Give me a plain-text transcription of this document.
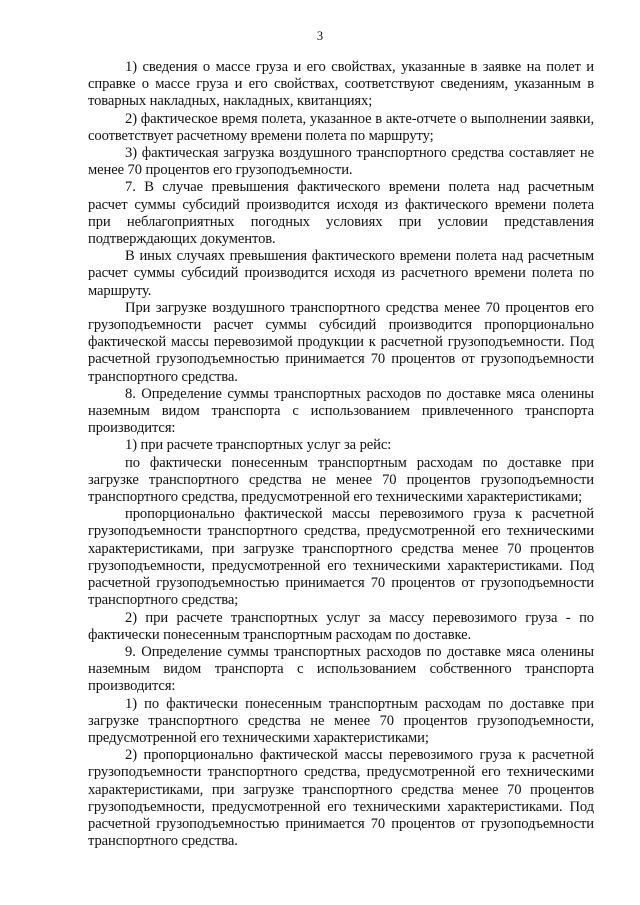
3

1) сведения о массе груза и его свойствах, указанные в заявке на полет и справке о массе груза и его свойствах, соответствуют сведениям, указанным в товарных накладных, накладных, квитанциях;

2) фактическое время полета, указанное в акте-отчете о выполнении заявки, соответствует расчетному времени полета по маршруту;

3) фактическая загрузка воздушного транспортного средства составляет не менее 70 процентов его грузоподъемности.

7. В случае превышения фактического времени полета над расчетным расчет суммы субсидий производится исходя из фактического времени полета при неблагоприятных погодных условиях при условии представления подтверждающих документов.

В иных случаях превышения фактического времени полета над расчетным расчет суммы субсидий производится исходя из расчетного времени полета по маршруту.

При загрузке воздушного транспортного средства менее 70 процентов его грузоподъемности расчет суммы субсидий производится пропорционально фактической массы перевозимой продукции к расчетной грузоподъемности. Под расчетной грузоподъемностью принимается 70 процентов от грузоподъемности транспортного средства.

8. Определение суммы транспортных расходов по доставке мяса оленины наземным видом транспорта с использованием привлеченного транспорта производится:

1) при расчете транспортных услуг за рейс:

по фактически понесенным транспортным расходам по доставке при загрузке транспортного средства не менее 70 процентов грузоподъемности транспортного средства, предусмотренной его техническими характеристиками;

пропорционально фактической массы перевозимого груза к расчетной грузоподъемности транспортного средства, предусмотренной его техническими характеристиками, при загрузке транспортного средства менее 70 процентов грузоподъемности, предусмотренной его техническими характеристиками. Под расчетной грузоподъемностью принимается 70 процентов от грузоподъемности транспортного средства;

2) при расчете транспортных услуг за массу перевозимого груза - по фактически понесенным транспортным расходам по доставке.

9. Определение суммы транспортных расходов по доставке мяса оленины наземным видом транспорта с использованием собственного транспорта производится:

1) по фактически понесенным транспортным расходам по доставке при загрузке транспортного средства не менее 70 процентов грузоподъемности, предусмотренной его техническими характеристиками;

2) пропорционально фактической массы перевозимого груза к расчетной грузоподъемности транспортного средства, предусмотренной его техническими характеристиками, при загрузке транспортного средства менее 70 процентов грузоподъемности, предусмотренной его техническими характеристиками. Под расчетной грузоподъемностью принимается 70 процентов от грузоподъемности транспортного средства.
